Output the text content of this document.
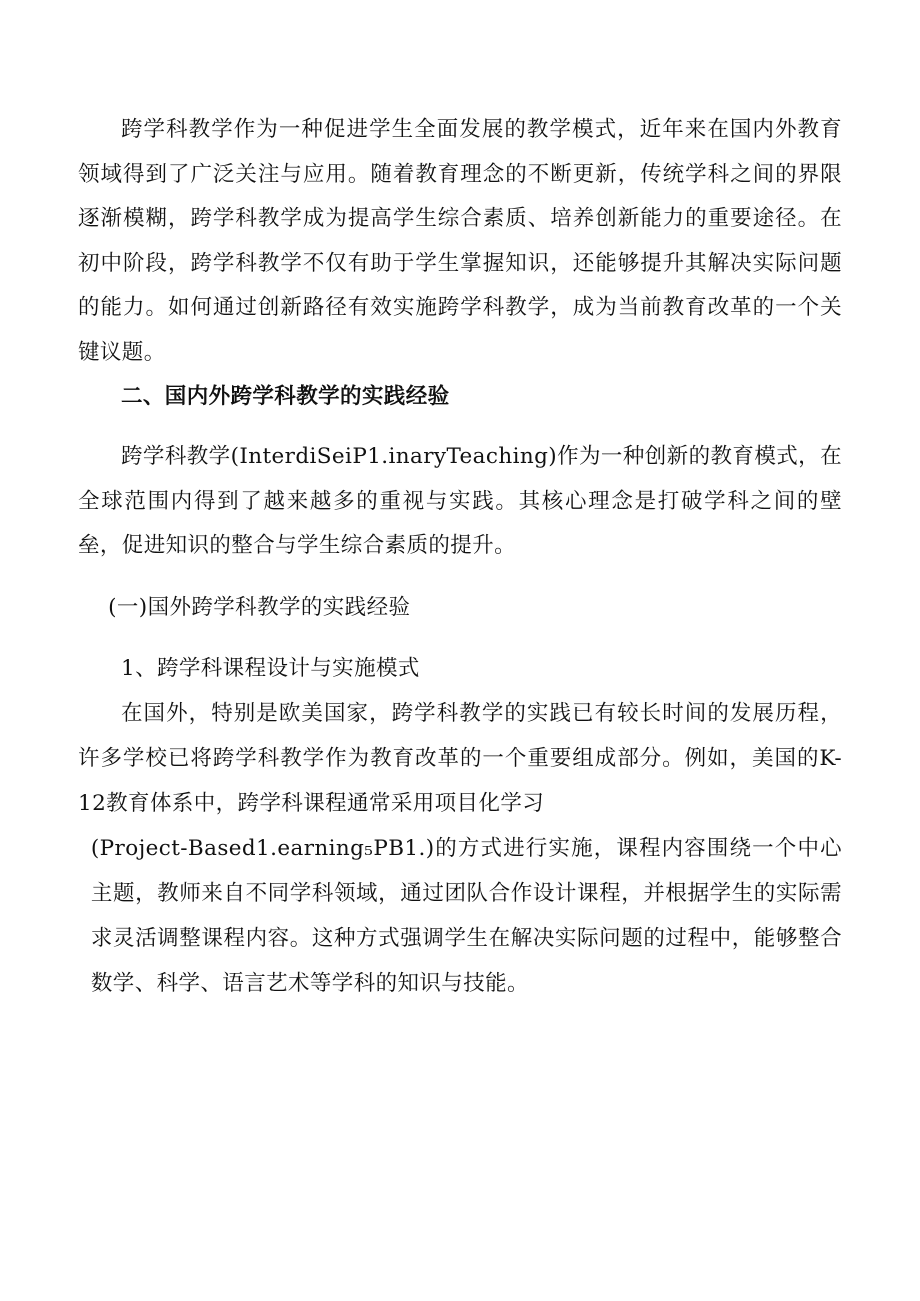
跨学科教学作为一种促进学生全面发展的教学模式，近年来在国内外教育领域得到了广泛关注与应用。随着教育理念的不断更新，传统学科之间的界限逐渐模糊，跨学科教学成为提高学生综合素质、培养创新能力的重要途径。在初中阶段，跨学科教学不仅有助于学生掌握知识，还能够提升其解决实际问题的能力。如何通过创新路径有效实施跨学科教学，成为当前教育改革的一个关键议题。

二、国内外跨学科教学的实践经验

跨学科教学(InterdiSeiP1.inaryTeaching)作为一种创新的教育模式，在全球范围内得到了越来越多的重视与实践。其核心理念是打破学科之间的壁垒，促进知识的整合与学生综合素质的提升。

(一)国外跨学科教学的实践经验

1、跨学科课程设计与实施模式

在国外，特别是欧美国家，跨学科教学的实践已有较长时间的发展历程，许多学校已将跨学科教学作为教育改革的一个重要组成部分。例如，美国的K-12教育体系中，跨学科课程通常采用项目化学习
(Project-Based1.earning₅PB1.)的方式进行实施，课程内容围绕一个中心主题，教师来自不同学科领域，通过团队合作设计课程，并根据学生的实际需求灵活调整课程内容。这种方式强调学生在解决实际问题的过程中，能够整合数学、科学、语言艺术等学科的知识与技能。
